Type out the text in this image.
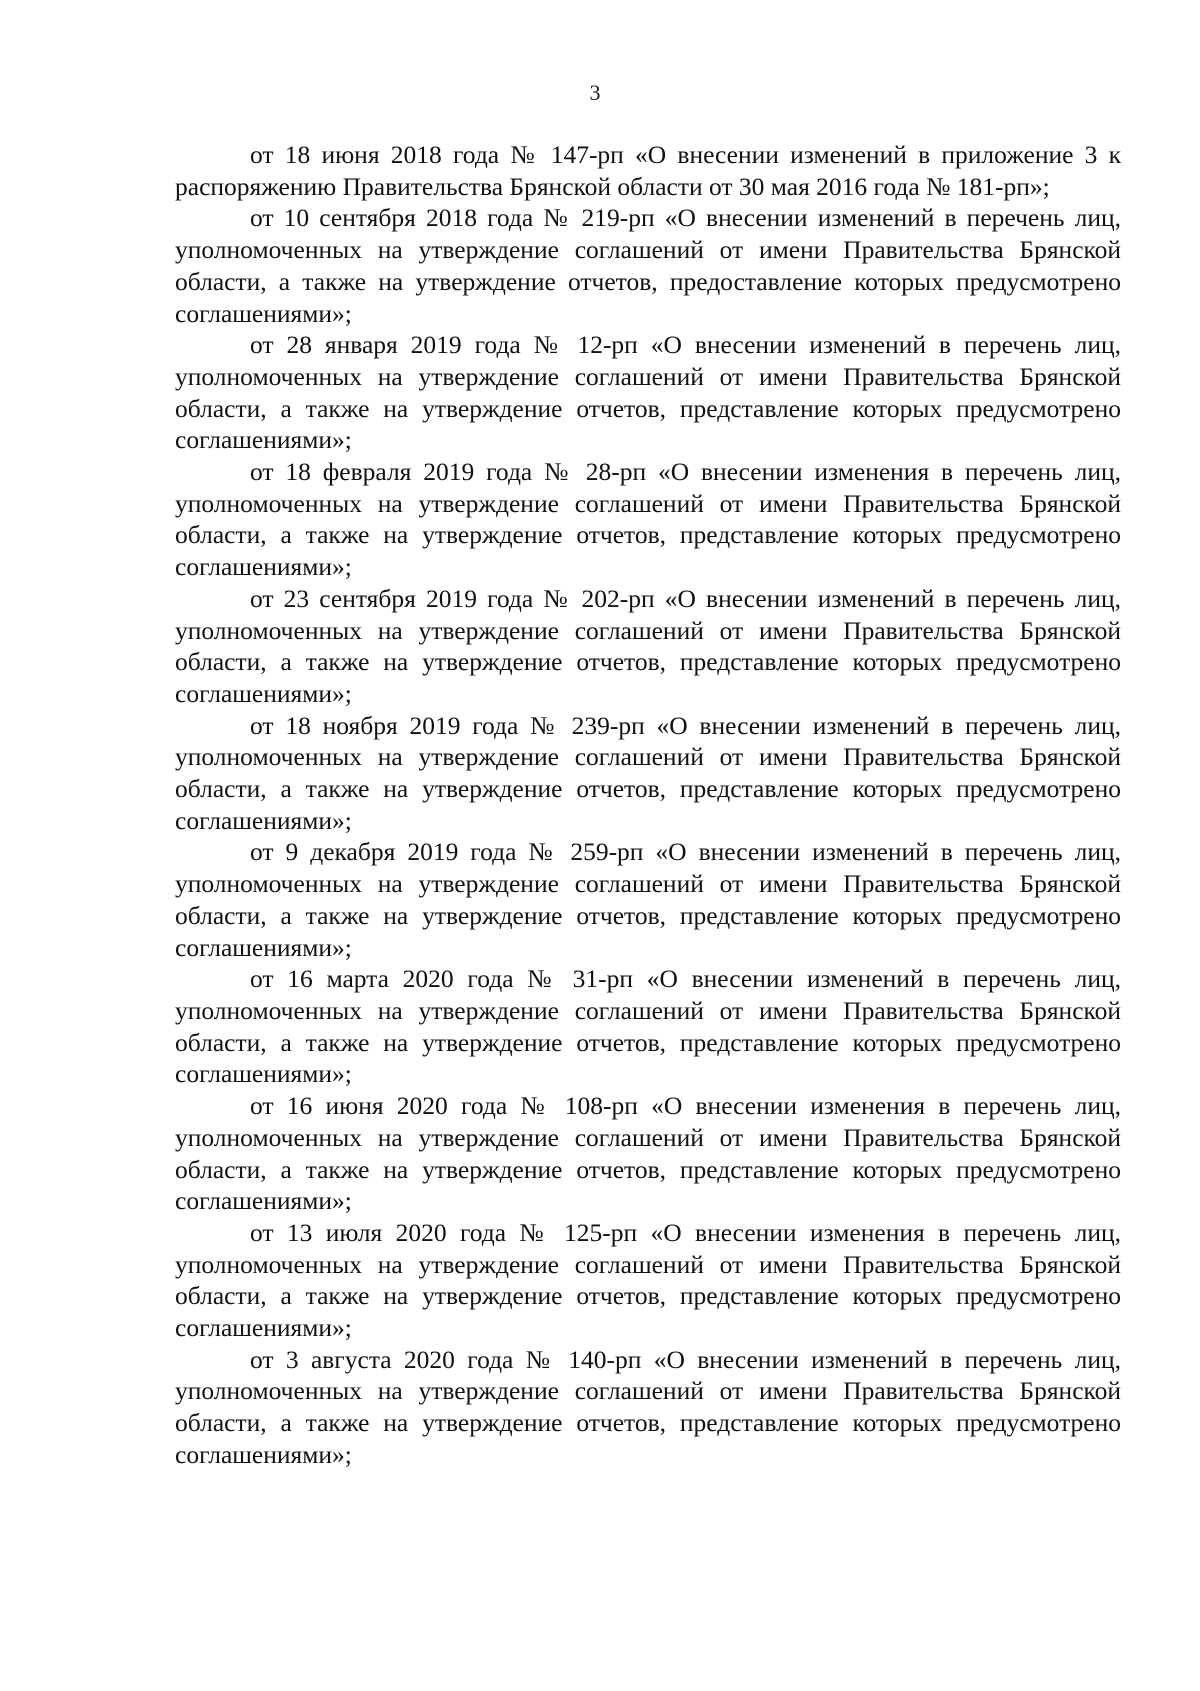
3

от 18 июня 2018 года № 147-рп «О внесении изменений в приложение 3 к распоряжению Правительства Брянской области от 30 мая 2016 года № 181-рп»;

от 10 сентября 2018 года № 219-рп «О внесении изменений в перечень лиц, уполномоченных на утверждение соглашений от имени Правительства Брянской области, а также на утверждение отчетов, предоставление которых предусмотрено соглашениями»;

от 28 января 2019 года № 12-рп «О внесении изменений в перечень лиц, уполномоченных на утверждение соглашений от имени Правительства Брянской области, а также на утверждение отчетов, представление которых предусмотрено соглашениями»;

от 18 февраля 2019 года № 28-рп «О внесении изменения в перечень лиц, уполномоченных на утверждение соглашений от имени Правительства Брянской области, а также на утверждение отчетов, представление которых предусмотрено соглашениями»;

от 23 сентября 2019 года № 202-рп «О внесении изменений в перечень лиц, уполномоченных на утверждение соглашений от имени Правительства Брянской области, а также на утверждение отчетов, представление которых предусмотрено соглашениями»;

от 18 ноября 2019 года № 239-рп «О внесении изменений в перечень лиц, уполномоченных на утверждение соглашений от имени Правительства Брянской области, а также на утверждение отчетов, представление которых предусмотрено соглашениями»;

от 9 декабря 2019 года № 259-рп «О внесении изменений в перечень лиц, уполномоченных на утверждение соглашений от имени Правительства Брянской области, а также на утверждение отчетов, представление которых предусмотрено соглашениями»;

от 16 марта 2020 года № 31-рп «О внесении изменений в перечень лиц, уполномоченных на утверждение соглашений от имени Правительства Брянской области, а также на утверждение отчетов, представление которых предусмотрено соглашениями»;

от 16 июня 2020 года № 108-рп «О внесении изменения в перечень лиц, уполномоченных на утверждение соглашений от имени Правительства Брянской области, а также на утверждение отчетов, представление которых предусмотрено соглашениями»;

от 13 июля 2020 года № 125-рп «О внесении изменения в перечень лиц, уполномоченных на утверждение соглашений от имени Правительства Брянской области, а также на утверждение отчетов, представление которых предусмотрено соглашениями»;

от 3 августа 2020 года № 140-рп «О внесении изменений в перечень лиц, уполномоченных на утверждение соглашений от имени Правительства Брянской области, а также на утверждение отчетов, представление которых предусмотрено соглашениями»;
